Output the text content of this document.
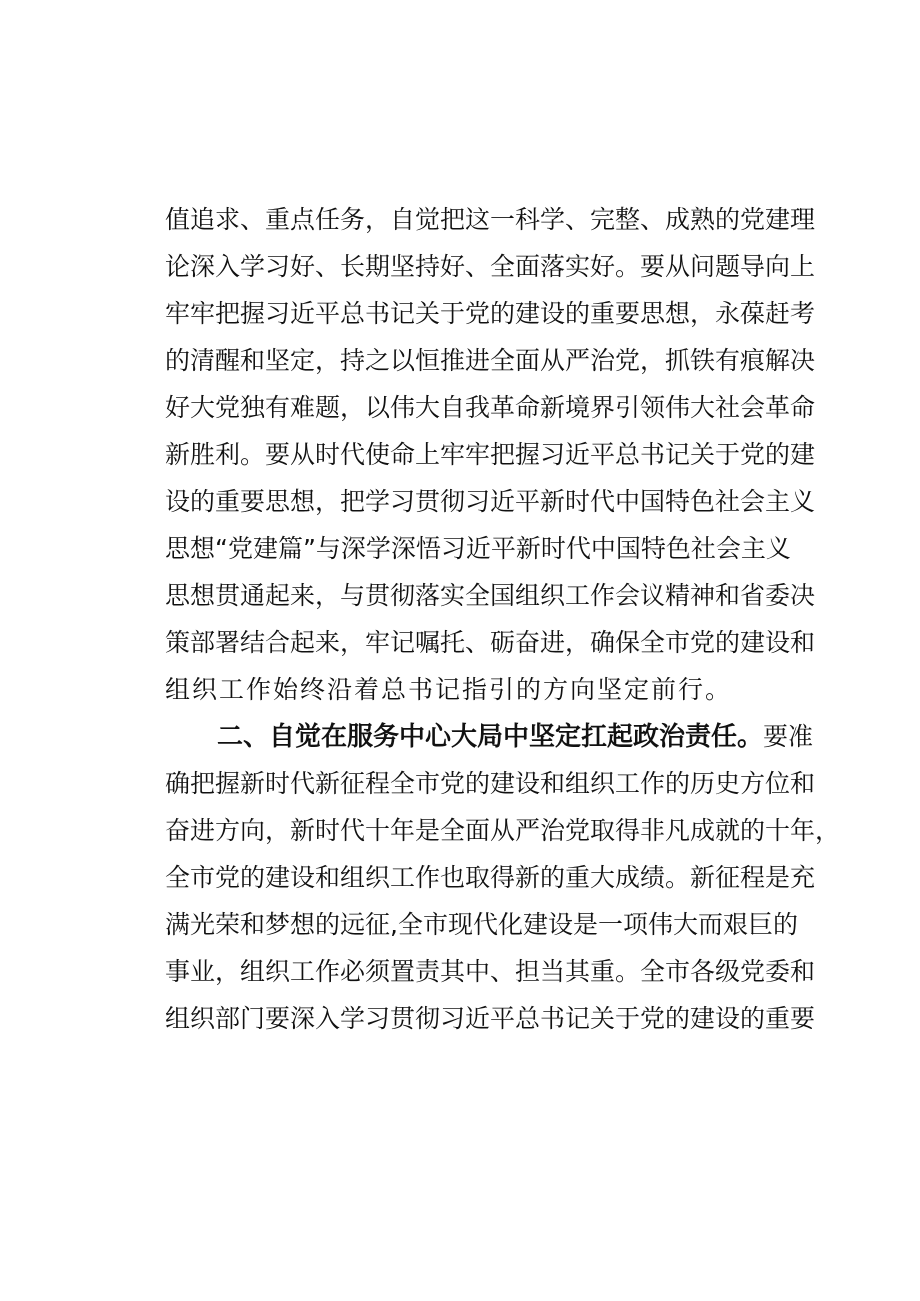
值追求、重点任务，自觉把这一科学、完整、成熟的党建理
论深入学习好、长期坚持好、全面落实好。要从问题导向上
牢牢把握习近平总书记关于党的建设的重要思想，永葆赶考
的清醒和坚定，持之以恒推进全面从严治党，抓铁有痕解决
好大党独有难题，以伟大自我革命新境界引领伟大社会革命
新胜利。要从时代使命上牢牢把握习近平总书记关于党的建
设的重要思想，把学习贯彻习近平新时代中国特色社会主义
思想“党建篇”与深学深悟习近平新时代中国特色社会主义
思想贯通起来，与贯彻落实全国组织工作会议精神和省委决
策部署结合起来，牢记嘱托、砺奋进，确保全市党的建设和
组织工作始终沿着总书记指引的方向坚定前行。
二、自觉在服务中心大局中坚定扛起政治责任。要准
确把握新时代新征程全市党的建设和组织工作的历史方位和
奋进方向，新时代十年是全面从严治党取得非凡成就的十年，
全市党的建设和组织工作也取得新的重大成绩。新征程是充
满光荣和梦想的远征,全市现代化建设是一项伟大而艰巨的
事业，组织工作必须置责其中、担当其重。全市各级党委和
组织部门要深入学习贯彻习近平总书记关于党的建设的重要
